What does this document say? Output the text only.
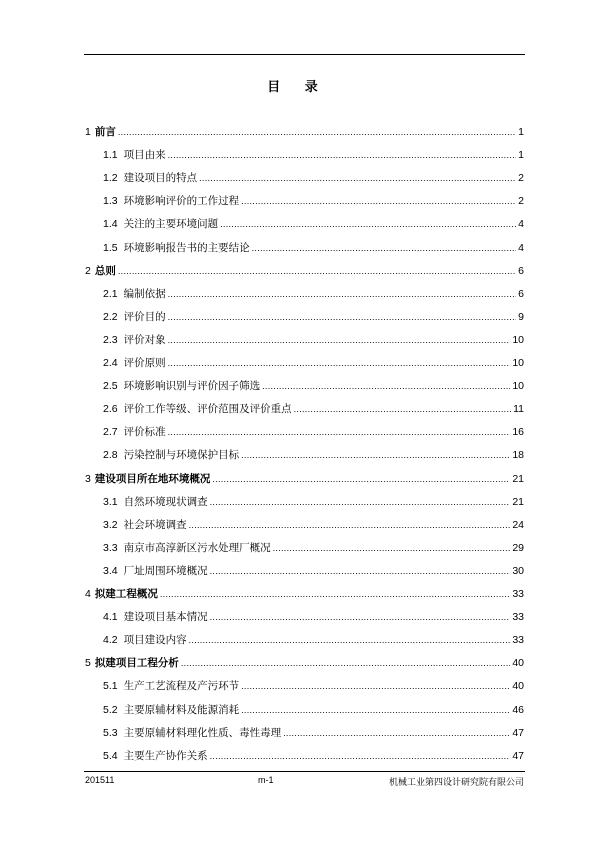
目 录
1 前言 .....	1
1.1 项目由来 .....	1
1.2 建设项目的特点 .....	2
1.3 环境影响评价的工作过程 .....	2
1.4 关注的主要环境问题 .....	4
1.5 环境影响报告书的主要结论 .....	4
2 总则 .....	6
2.1 编制依据 .....	6
2.2 评价目的 .....	9
2.3 评价对象 .....	10
2.4 评价原则 .....	10
2.5 环境影响识别与评价因子筛选 .....	10
2.6 评价工作等级、评价范围及评价重点 .....	11
2.7 评价标准 .....	16
2.8 污染控制与环境保护目标 .....	18
3 建设项目所在地环境概况 .....	21
3.1 自然环境现状调查 .....	21
3.2 社会环境调查 .....	24
3.3 南京市高淳新区污水处理厂概况 .....	29
3.4 厂址周围环境概况 .....	30
4 拟建工程概况 .....	33
4.1 建设项目基本情况 .....	33
4.2 项目建设内容 .....	33
5 拟建项目工程分析 .....	40
5.1 生产工艺流程及产污环节 .....	40
5.2 主要原辅材料及能源消耗 .....	46
5.3 主要原辅材料理化性质、毒性毒理 .....	47
5.4 主要生产协作关系 .....	47
201511	m-1	机械工业第四设计研究院有限公司
